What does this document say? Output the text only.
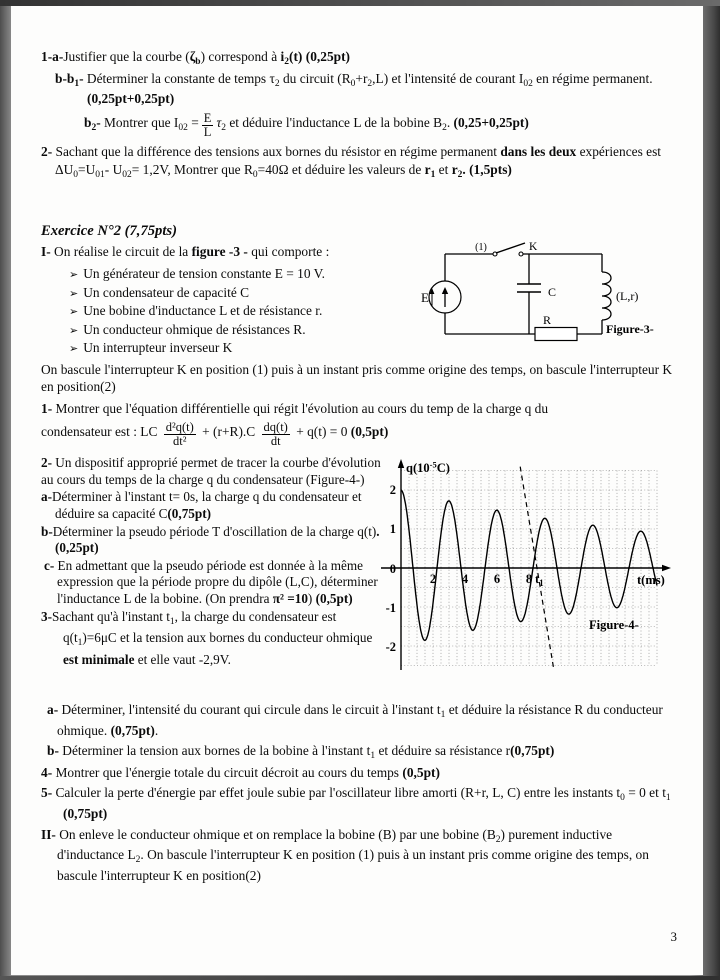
1-a-Justifier que la courbe $(\zeta_b)$ correspond à $i_2(t)$ (0,25pt)

$b-b_1-$ Déterminer la constante de temps $\tau_2$ du circuit $(R_0+r_2,L)$ et l'intensité de courant $I_{02}$ en régime permanent. (0,25pt+0,25pt)

$b_2-$ Montrer que $I_{02} = \frac{E}{L} \tau_2$ et déduire l'inductance L de la bobine $B_2$. (0,25+0,25pt)

2- Sachant que la différence des tensions aux bornes du résistor en régime permanent dans les deux expériences est $\Delta U_0=U_{01}-$ $U_{02}= 1,2V$, Montrer que $R_0=40\Omega$ et déduire les valeurs de $r_1$ et $r_2$. (1,5pts)

Exercice N°2 (7,75pts)

I- On réalise le circuit de la figure -3 - qui comporte :

➢ Un générateur de tension constante E = 10 V.
➢ Un condensateur de capacité C
➢ Une bobine d'inductance L et de résistance r.
➢ Un conducteur ohmique de résistances R.
➢ Un interrupteur inverseur K

On bascule l'interrupteur K en position (1) puis à un instant pris comme origine des temps, on bascule l'interrupteur K en position(2)

1- Montrer que l'équation différentielle qui régit l'évolution au cours du temp de la charge q du

condensateur est : LC $\frac{\text{d²q(t)}}{\text{dt²}} + (r+R).C \frac{dq(t)}{dt} + q(t) = 0$ (0,5pt)

2- Un dispositif approprié permet de tracer la courbe d'évolution au cours du temps de la charge q du condensateur (Figure-4-)

a-Déterminer à l'instant t= 0s, la charge q du condensateur et déduire sa capacité C(0,75pt)

b-Déterminer la pseudo période T d'oscillation de la charge q(t). (0,25pt)

c- En admettant que la pseudo période est donnée à la même expression que la période propre du dipôle (L,C), déterminer l'inductance L de la bobine. (On prendra π² =10) (0,5pt)

3-Sachant qu'à l'instant $t_1$, la charge du condensateur est $q(t_1)=6\mu C$ et la tension aux bornes du conducteur ohmique est minimale et elle vaut -2,9V.

a- Déterminer, l'intensité du courant qui circule dans le circuit à l'instant $t_1$ et déduire la résistance R du conducteur ohmique. (0,75pt).

b- Déterminer la tension aux bornes de la bobine à l'instant $t_1$ et déduire sa résistance r(0,75pt)

4- Montrer que l'énergie totale du circuit décroit au cours du temps (0,5pt)

5- Calculer la perte d'énergie par effet joule subie par l'oscillateur libre amorti (R+r, L, C) entre les instants $t_0 = 0$ et $t_1$ (0,75pt)

II- On enleve le conducteur ohmique et on remplace la bobine (B) par une bobine $(B_2)$ purement inductive d'inductance $L_2$. On bascule l'interrupteur K en position (1) puis à un instant pris comme origine des temps, on bascule l'interrupteur K en position(2)

(1)	K
E	C	(L,r)
R
Figure-3-
$q(10^{-5}C)$
t(ms)
2
1
0
-1
-2
2 4 6 8 $t_1$
Figure-4-
3
